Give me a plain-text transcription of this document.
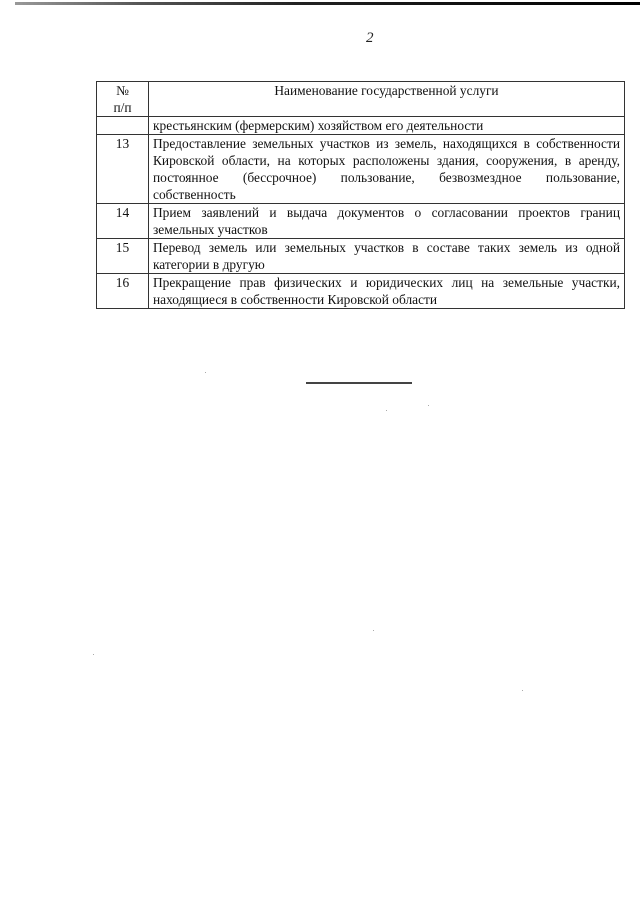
2
№
п/п	Наименование государственной услуги
	крестьянским (фермерским) хозяйством его деятельности
13	Предоставление земельных участков из земель, находящихся в собственности Кировской области, на которых расположены здания, сооружения, в аренду, постоянное (бессрочное) пользование, безвозмездное пользование, собственность
14	Прием заявлений и выдача документов о согласовании проектов границ земельных участков
15	Перевод земель или земельных участков в составе таких земель из одной категории в другую
16	Прекращение прав физических и юридических лиц на земельные участки, находящиеся в собственности Кировской области
